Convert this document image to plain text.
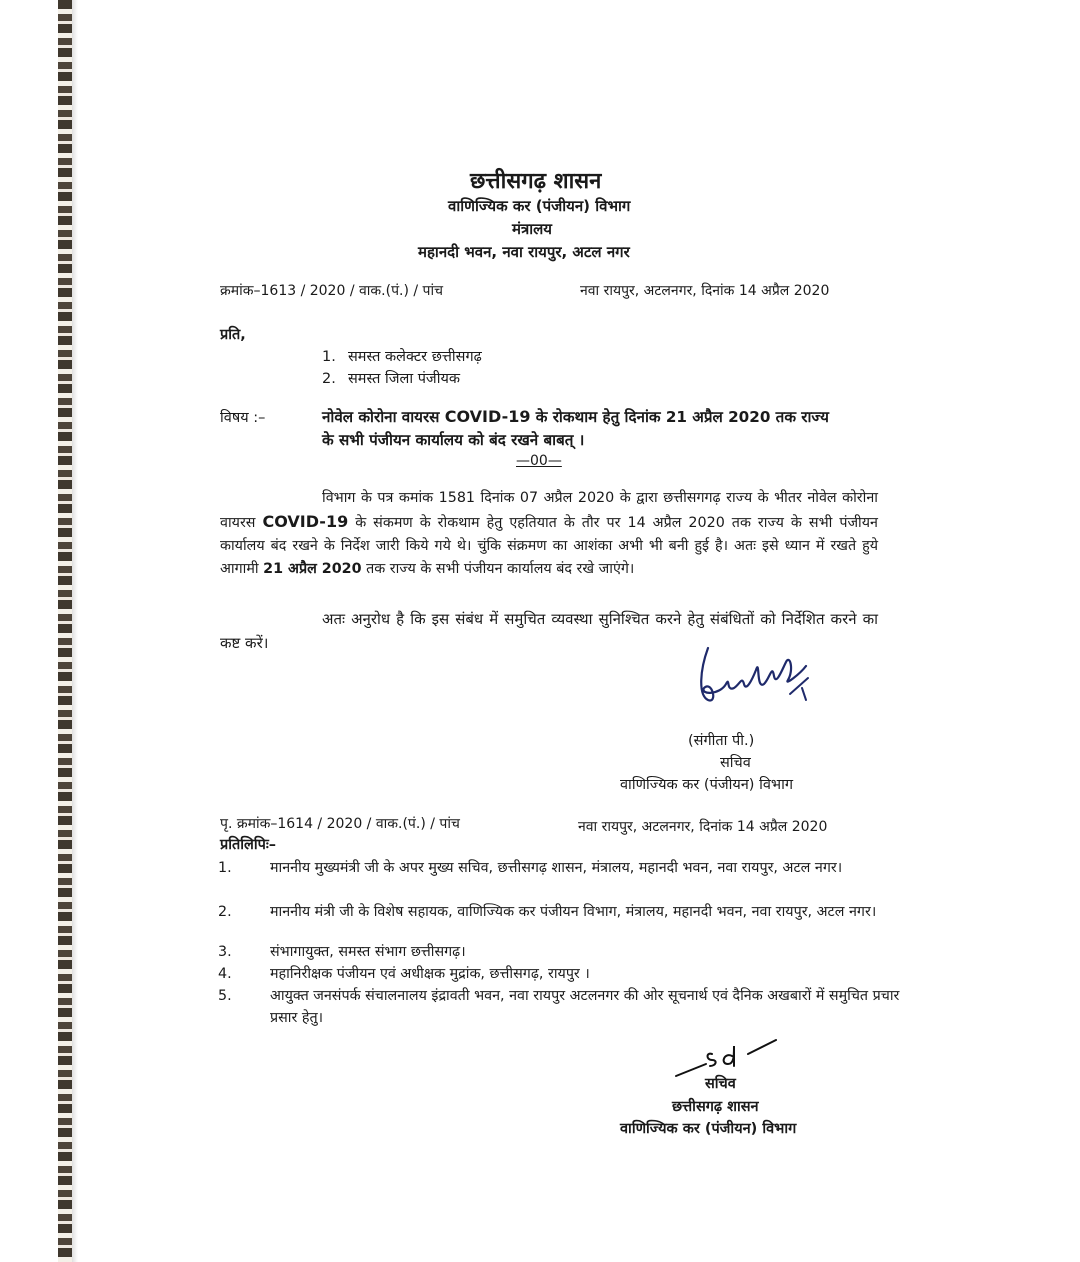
छत्तीसगढ़ शासन
वाणिज्यिक कर (पंजीयन) विभाग
मंत्रालय
महानदी भवन, नवा रायपुर, अटल नगर
क्रमांक–1613 / 2020 / वाक.(पं.) / पांच	नवा रायपुर, अटलनगर, दिनांक 14 अप्रैल 2020
प्रति,
1. समस्त कलेक्टर छत्तीसगढ़
2. समस्त जिला पंजीयक
विषय :–	नोवेल कोरोना वायरस COVID-19 के रोकथाम हेतु दिनांक 21 अप्रैल 2020 तक राज्य
के सभी पंजीयन कार्यालय को बंद रखने बाबत् ।
—00—
विभाग के पत्र कमांक 1581 दिनांक 07 अप्रैल 2020 के द्वारा छत्तीसगगढ़ राज्य के भीतर नोवेल कोरोना वायरस COVID-19 के संकमण के रोकथाम हेतु एहतियात के तौर पर 14 अप्रैल 2020 तक राज्य के सभी पंजीयन कार्यालय बंद रखने के निर्देश जारी किये गये थे। चुंकि संक्रमण का आशंका अभी भी बनी हुई है। अतः इसे ध्यान में रखते हुये आगामी 21 अप्रैल 2020 तक राज्य के सभी पंजीयन कार्यालय बंद रखे जाएंगे।
अतः अनुरोध है कि इस संबंध में समुचित व्यवस्था सुनिश्चित करने हेतु संबंधितों को निर्देशित करने का कष्ट करें।
(संगीता पी.)
सचिव
वाणिज्यिक कर (पंजीयन) विभाग
पृ. क्रमांक–1614 / 2020 / वाक.(पं.) / पांच	नवा रायपुर, अटलनगर, दिनांक 14 अप्रैल 2020
प्रतिलिपिः–
1.	माननीय मुख्यमंत्री जी के अपर मुख्य सचिव, छत्तीसगढ़ शासन, मंत्रालय, महानदी भवन, नवा रायपुर, अटल नगर।
2.	माननीय मंत्री जी के विशेष सहायक, वाणिज्यिक कर पंजीयन विभाग, मंत्रालय, महानदी भवन, नवा रायपुर, अटल नगर।
3.	संभागायुक्त, समस्त संभाग छत्तीसगढ़।
4.	महानिरीक्षक पंजीयन एवं अधीक्षक मुद्रांक, छत्तीसगढ़, रायपुर ।
5.	आयुक्त जनसंपर्क संचालनालय इंद्रावती भवन, नवा रायपुर अटलनगर की ओर सूचनार्थ एवं दैनिक अखबारों में समुचित प्रचार प्रसार हेतु।
सचिव
छत्तीसगढ़ शासन
वाणिज्यिक कर (पंजीयन) विभाग
